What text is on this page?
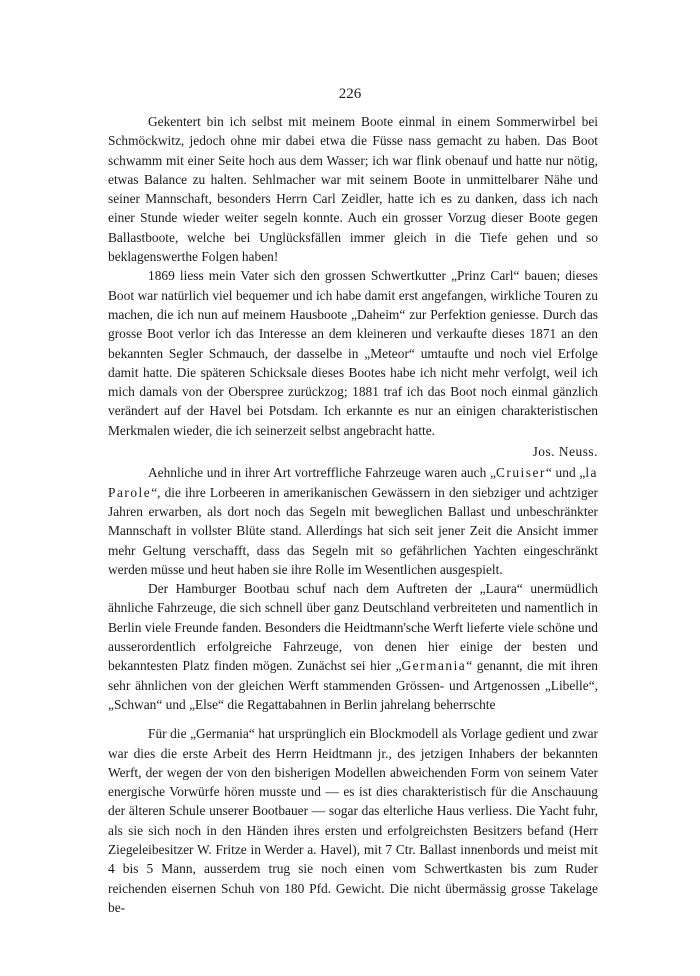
226

Gekentert bin ich selbst mit meinem Boote einmal in einem Sommerwirbel bei Schmöckwitz, jedoch ohne mir dabei etwa die Füsse nass gemacht zu haben. Das Boot schwamm mit einer Seite hoch aus dem Wasser; ich war flink obenauf und hatte nur nötig, etwas Balance zu halten. Sehlmacher war mit seinem Boote in unmittelbarer Nähe und seiner Mannschaft, besonders Herrn Carl Zeidler, hatte ich es zu danken, dass ich nach einer Stunde wieder weiter segeln konnte. Auch ein grosser Vorzug dieser Boote gegen Ballastboote, welche bei Unglücksfällen immer gleich in die Tiefe gehen und so beklagenswerthe Folgen haben!

1869 liess mein Vater sich den grossen Schwertkutter „Prinz Carl“ bauen; dieses Boot war natürlich viel bequemer und ich habe damit erst angefangen, wirkliche Touren zu machen, die ich nun auf meinem Hausboote „Daheim“ zur Perfektion geniesse. Durch das grosse Boot verlor ich das Interesse an dem kleineren und verkaufte dieses 1871 an den bekannten Segler Schmauch, der dasselbe in „Meteor“ umtaufte und noch viel Erfolge damit hatte. Die späteren Schicksale dieses Bootes habe ich nicht mehr verfolgt, weil ich mich damals von der Oberspree zurückzog; 1881 traf ich das Boot noch einmal gänzlich verändert auf der Havel bei Potsdam. Ich erkannte es nur an einigen charakteristischen Merkmalen wieder, die ich seinerzeit selbst angebracht hatte.

Jos. Neuss.

Aehnliche und in ihrer Art vortreffliche Fahrzeuge waren auch „Cruiser“ und „la Parole“, die ihre Lorbeeren in amerikanischen Gewässern in den siebziger und achtziger Jahren erwarben, als dort noch das Segeln mit beweglichen Ballast und unbeschränkter Mannschaft in vollster Blüte stand. Allerdings hat sich seit jener Zeit die Ansicht immer mehr Geltung verschafft, dass das Segeln mit so gefährlichen Yachten eingeschränkt werden müsse und heut haben sie ihre Rolle im Wesentlichen ausgespielt.

Der Hamburger Bootbau schuf nach dem Auftreten der „Laura“ unermüdlich ähnliche Fahrzeuge, die sich schnell über ganz Deutschland verbreiteten und namentlich in Berlin viele Freunde fanden. Besonders die Heidtmann'sche Werft lieferte viele schöne und ausserordentlich erfolgreiche Fahrzeuge, von denen hier einige der besten und bekanntesten Platz finden mögen. Zunächst sei hier „Germania“ genannt, die mit ihren sehr ähnlichen von der gleichen Werft stammenden Grössen- und Artgenossen „Libelle“, „Schwan“ und „Else“ die Regattabahnen in Berlin jahrelang beherrschte

Für die „Germania“ hat ursprünglich ein Blockmodell als Vorlage gedient und zwar war dies die erste Arbeit des Herrn Heidtmann jr., des jetzigen Inhabers der bekannten Werft, der wegen der von den bisherigen Modellen abweichenden Form von seinem Vater energische Vorwürfe hören musste und — es ist dies charakteristisch für die Anschauung der älteren Schule unserer Bootbauer — sogar das elterliche Haus verliess. Die Yacht fuhr, als sie sich noch in den Händen ihres ersten und erfolgreichsten Besitzers befand (Herr Ziegeleibesitzer W. Fritze in Werder a. Havel), mit 7 Ctr. Ballast innenbords und meist mit 4 bis 5 Mann, ausserdem trug sie noch einen vom Schwertkasten bis zum Ruder reichenden eisernen Schuh von 180 Pfd. Gewicht. Die nicht übermässig grosse Takelage be-
